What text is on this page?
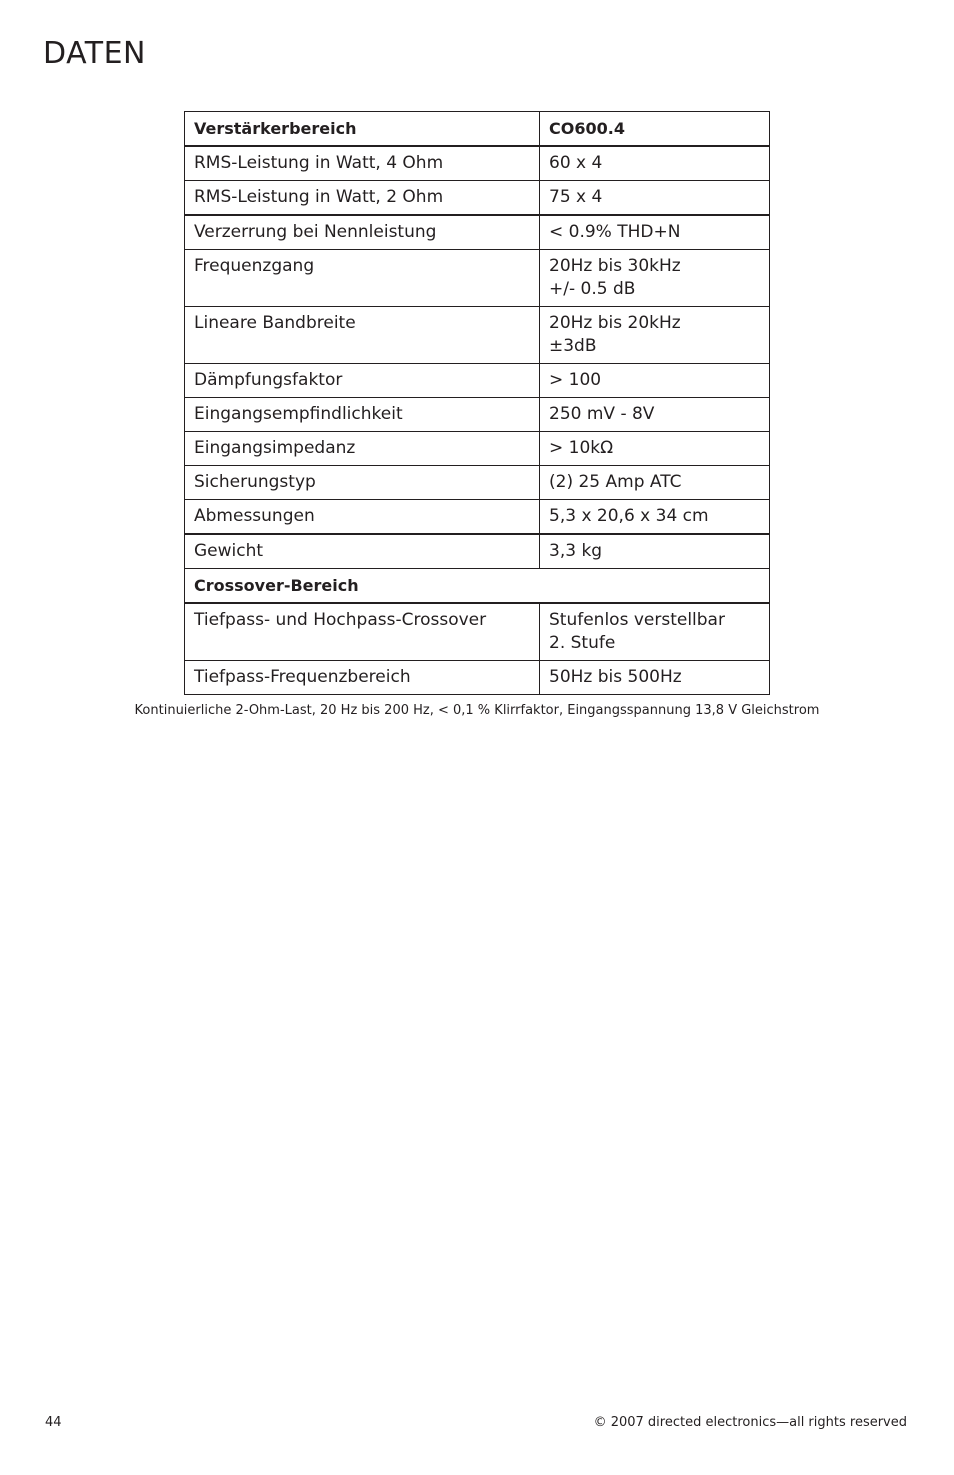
DATEN
Verstärkerbereich	CO600.4
RMS-Leistung in Watt, 4 Ohm	60 x 4
RMS-Leistung in Watt, 2 Ohm	75 x 4
Verzerrung bei Nennleistung	< 0.9% THD+N
Frequenzgang	20Hz bis 30kHz
+/- 0.5 dB

Lineare Bandbreite	20Hz bis 20kHz
±3dB

Dämpfungsfaktor	> 100
Eingangsempfindlichkeit	250 mV - 8V
Eingangsimpedanz	> 10kΩ
Sicherungstyp	(2) 25 Amp ATC
Abmessungen	5,3 x 20,6 x 34 cm
Gewicht	3,3 kg
Crossover-Bereich	
Tiefpass- und Hochpass-Crossover	Stufenlos verstellbar
2. Stufe

Tiefpass-Frequenzbereich	50Hz bis 500Hz
Kontinuierliche 2-Ohm-Last, 20 Hz bis 200 Hz, < 0,1 % Klirrfaktor, Eingangsspannung 13,8 V Gleichstrom
44	© 2007 directed electronics—all rights reserved
